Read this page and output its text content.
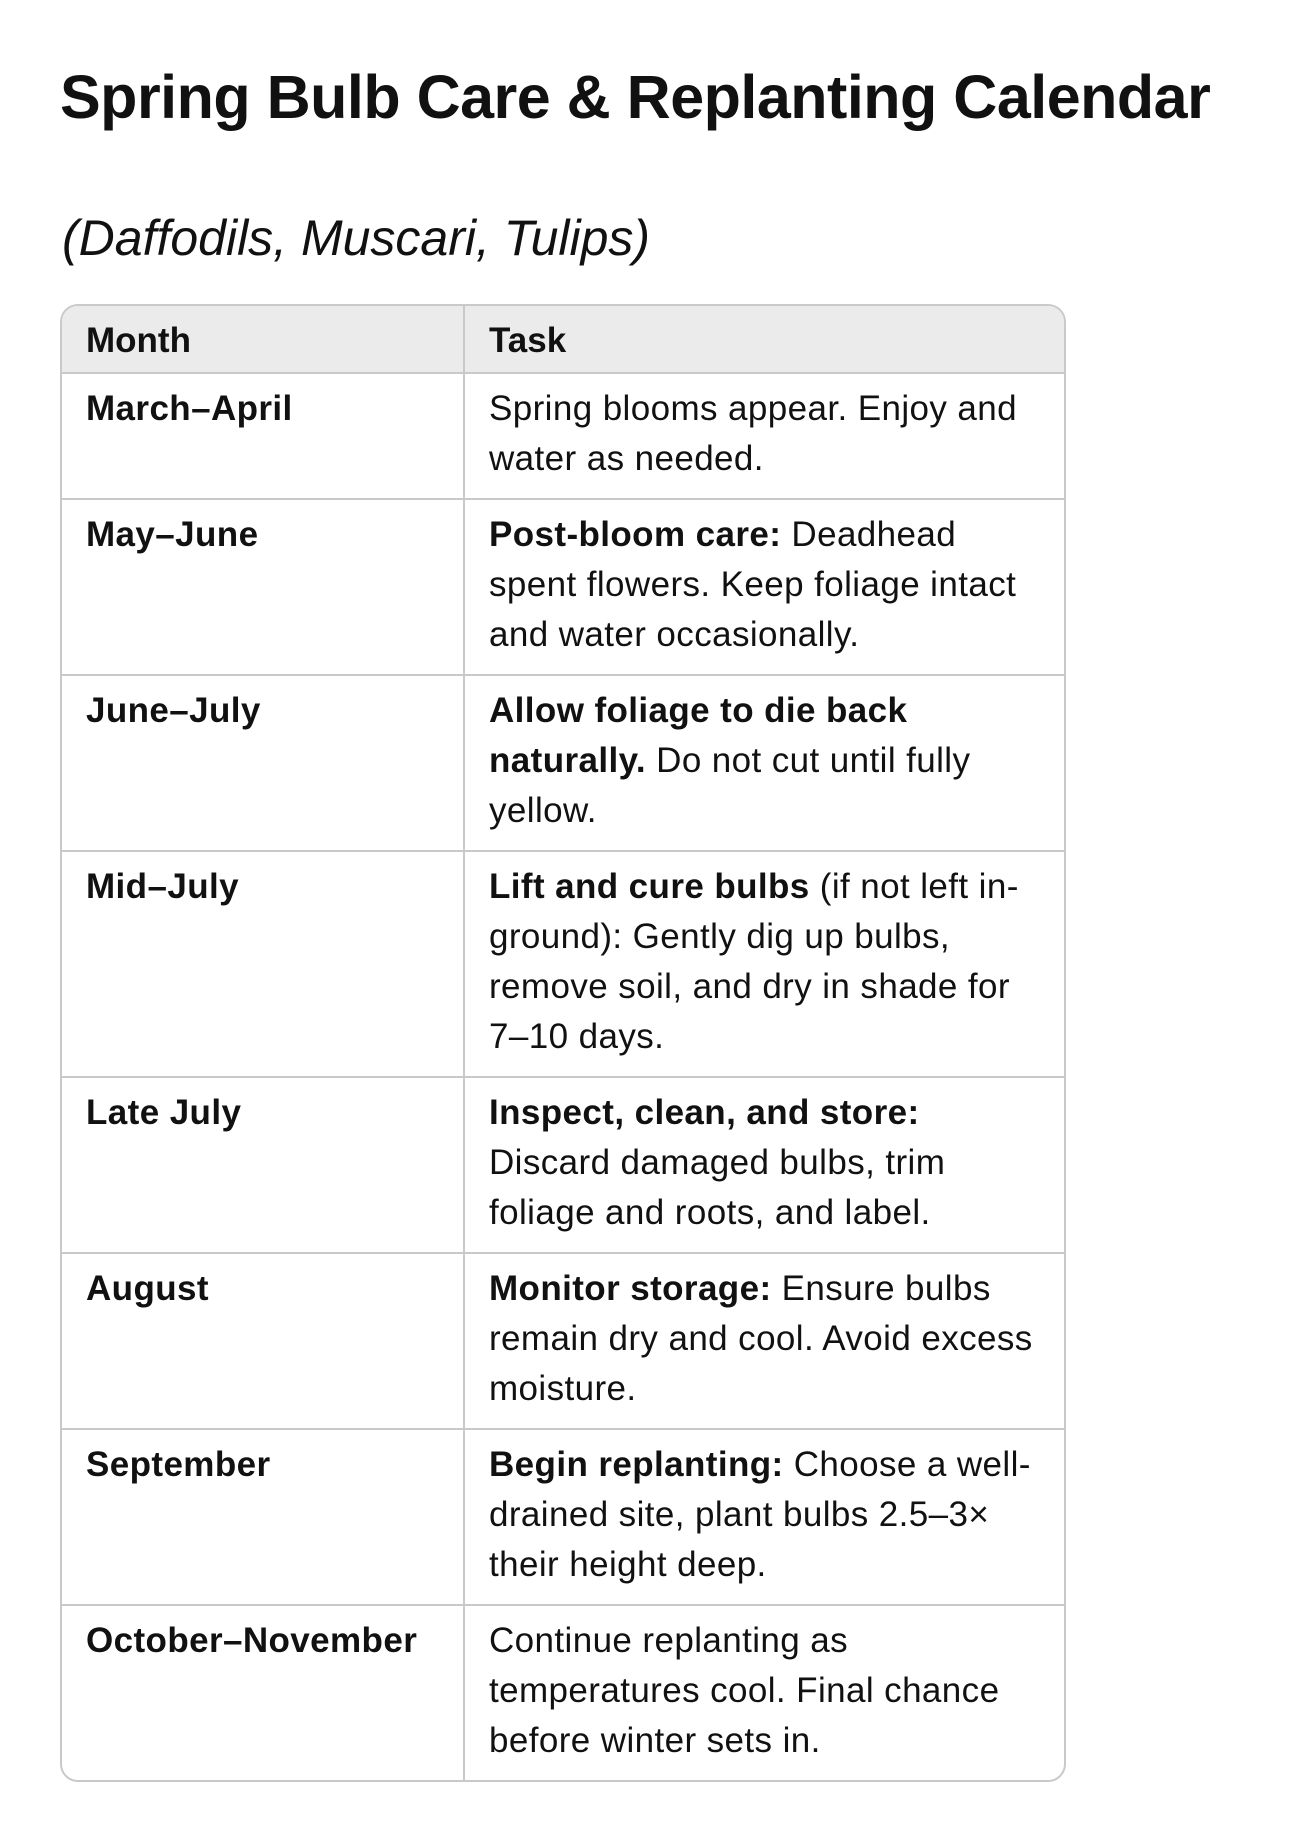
Spring Bulb Care & Replanting Calendar
(Daffodils, Muscari, Tulips)
Month	Task
March–April	Spring blooms appear. Enjoy and water as needed.
May–June	Post-bloom care: Deadhead spent flowers. Keep foliage intact and water occasionally.
June–July	Allow foliage to die back naturally. Do not cut until fully yellow.
Mid–July	Lift and cure bulbs (if not left in-ground): Gently dig up bulbs, remove soil, and dry in shade for 7–10 days.
Late July	Inspect, clean, and store: Discard damaged bulbs, trim foliage and roots, and label.
August	Monitor storage: Ensure bulbs remain dry and cool. Avoid excess moisture.
September	Begin replanting: Choose a well-drained site, plant bulbs 2.5–3× their height deep.
October–November	Continue replanting as temperatures cool. Final chance before winter sets in.
